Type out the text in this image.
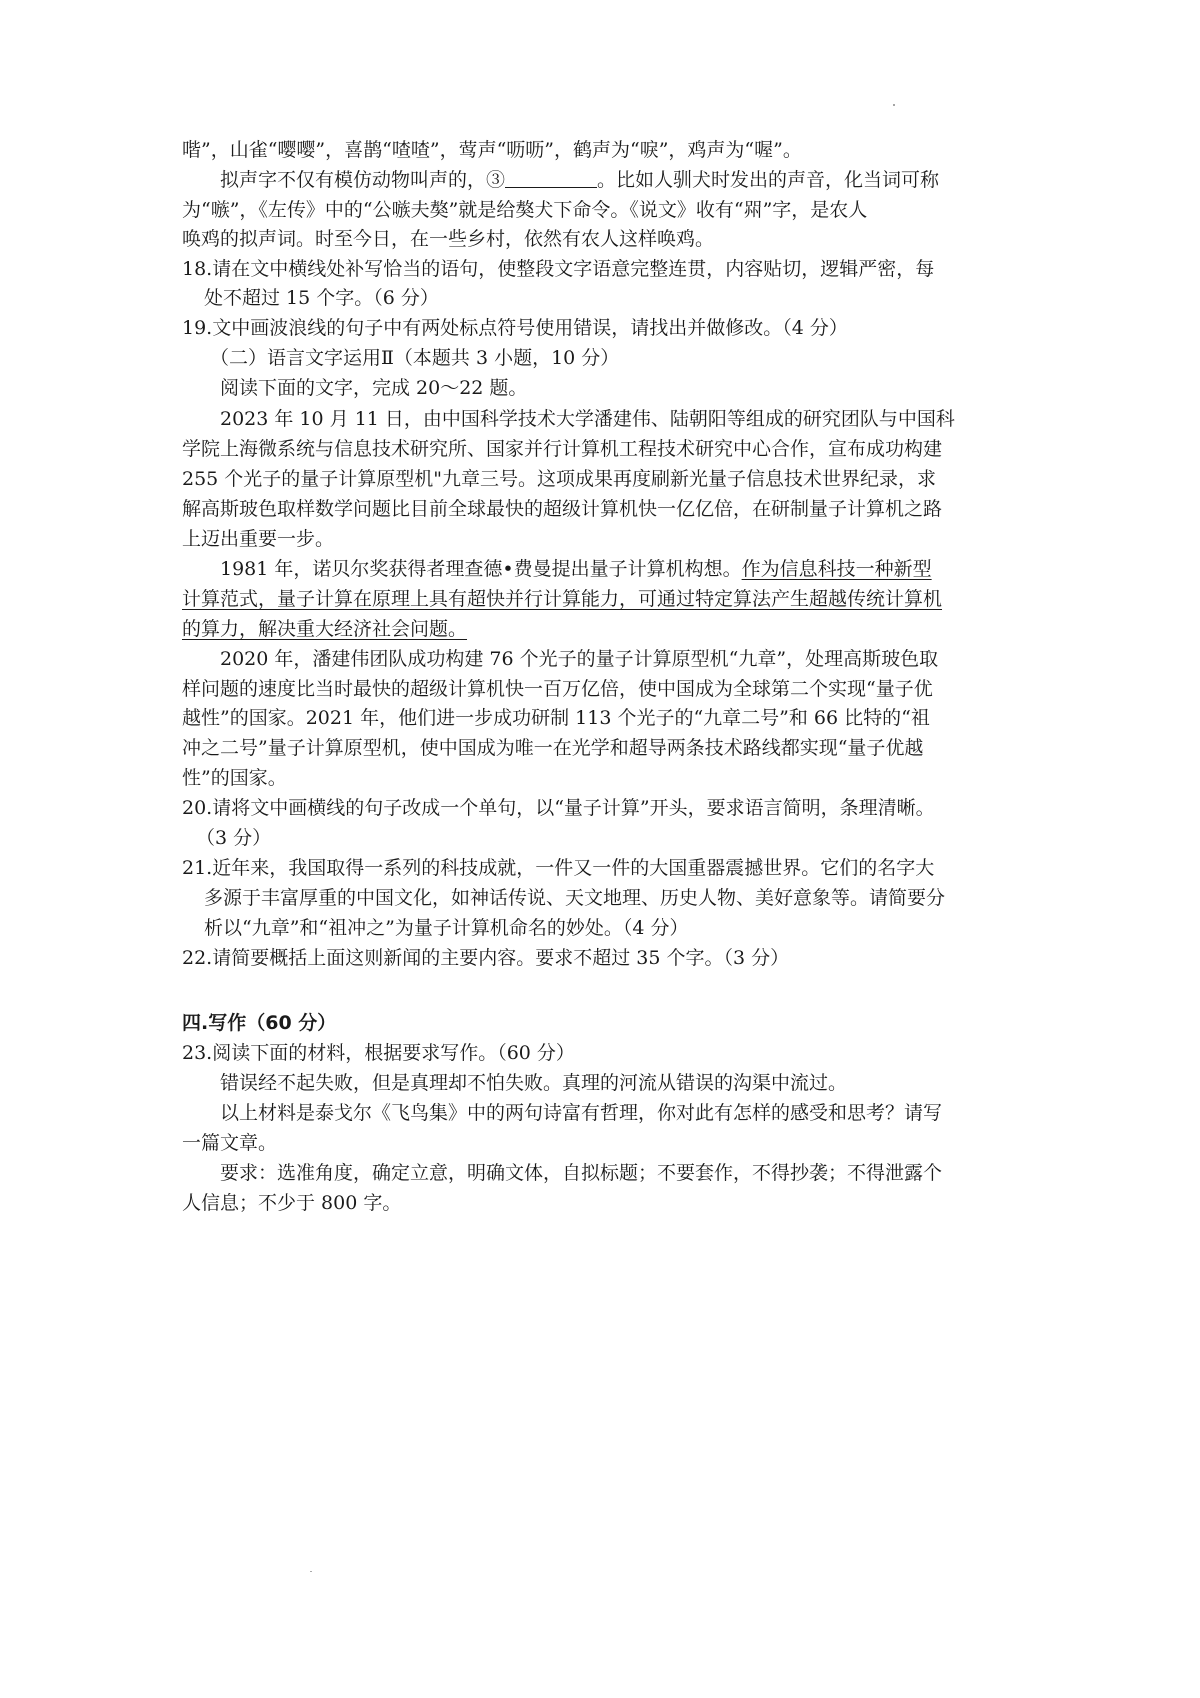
喈”，山雀“嘤嘤”，喜鹊“喳喳”，莺声“呖呖”，鹤声为“唳”，鸡声为“喔”。

拟声字不仅有模仿动物叫声的，③	。比如人驯犬时发出的声音，化当词可称

为“嗾”，《左传》中的“公嗾夫獒”就是给獒犬下命令。《说文》收有“喌”字，是农人

唤鸡的拟声词。时至今日，在一些乡村，依然有农人这样唤鸡。

18.请在文中横线处补写恰当的语句，使整段文字语意完整连贯，内容贴切，逻辑严密，每

处不超过 15 个字。（6 分）

19.文中画波浪线的句子中有两处标点符号使用错误，请找出并做修改。（4 分）

（二）语言文字运用Ⅱ（本题共 3 小题，10 分）

阅读下面的文字，完成 20～22 题。

2023 年 10 月 11 日，由中国科学技术大学潘建伟、陆朝阳等组成的研究团队与中国科

学院上海微系统与信息技术研究所、国家并行计算机工程技术研究中心合作，宣布成功构建

255 个光子的量子计算原型机"九章三号。这项成果再度刷新光量子信息技术世界纪录，求

解高斯玻色取样数学问题比目前全球最快的超级计算机快一亿亿倍，在研制量子计算机之路

上迈出重要一步。

1981 年，诺贝尔奖获得者理查德•费曼提出量子计算机构想。作为信息科技一种新型

计算范式，量子计算在原理上具有超快并行计算能力，可通过特定算法产生超越传统计算机

的算力，解决重大经济社会问题。

2020 年，潘建伟团队成功构建 76 个光子的量子计算原型机“九章”，处理高斯玻色取

样问题的速度比当时最快的超级计算机快一百万亿倍，使中国成为全球第二个实现“量子优

越性”的国家。2021 年，他们进一步成功研制 113 个光子的“九章二号”和 66 比特的“祖

冲之二号”量子计算原型机，使中国成为唯一在光学和超导两条技术路线都实现“量子优越

性”的国家。

20.请将文中画横线的句子改成一个单句，以“量子计算”开头，要求语言简明，条理清晰。

（3 分）

21.近年来，我国取得一系列的科技成就，一件又一件的大国重器震撼世界。它们的名字大

多源于丰富厚重的中国文化，如神话传说、天文地理、历史人物、美好意象等。请简要分

析以“九章”和“祖冲之”为量子计算机命名的妙处。（4 分）

22.请简要概括上面这则新闻的主要内容。要求不超过 35 个字。（3 分）

四.写作（60 分）

23.阅读下面的材料，根据要求写作。（60 分）

错误经不起失败，但是真理却不怕失败。真理的河流从错误的沟渠中流过。

以上材料是泰戈尔《飞鸟集》中的两句诗富有哲理，你对此有怎样的感受和思考？请写

一篇文章。

要求：选准角度，确定立意，明确文体，自拟标题；不要套作，不得抄袭；不得泄露个

人信息；不少于 800 字。
